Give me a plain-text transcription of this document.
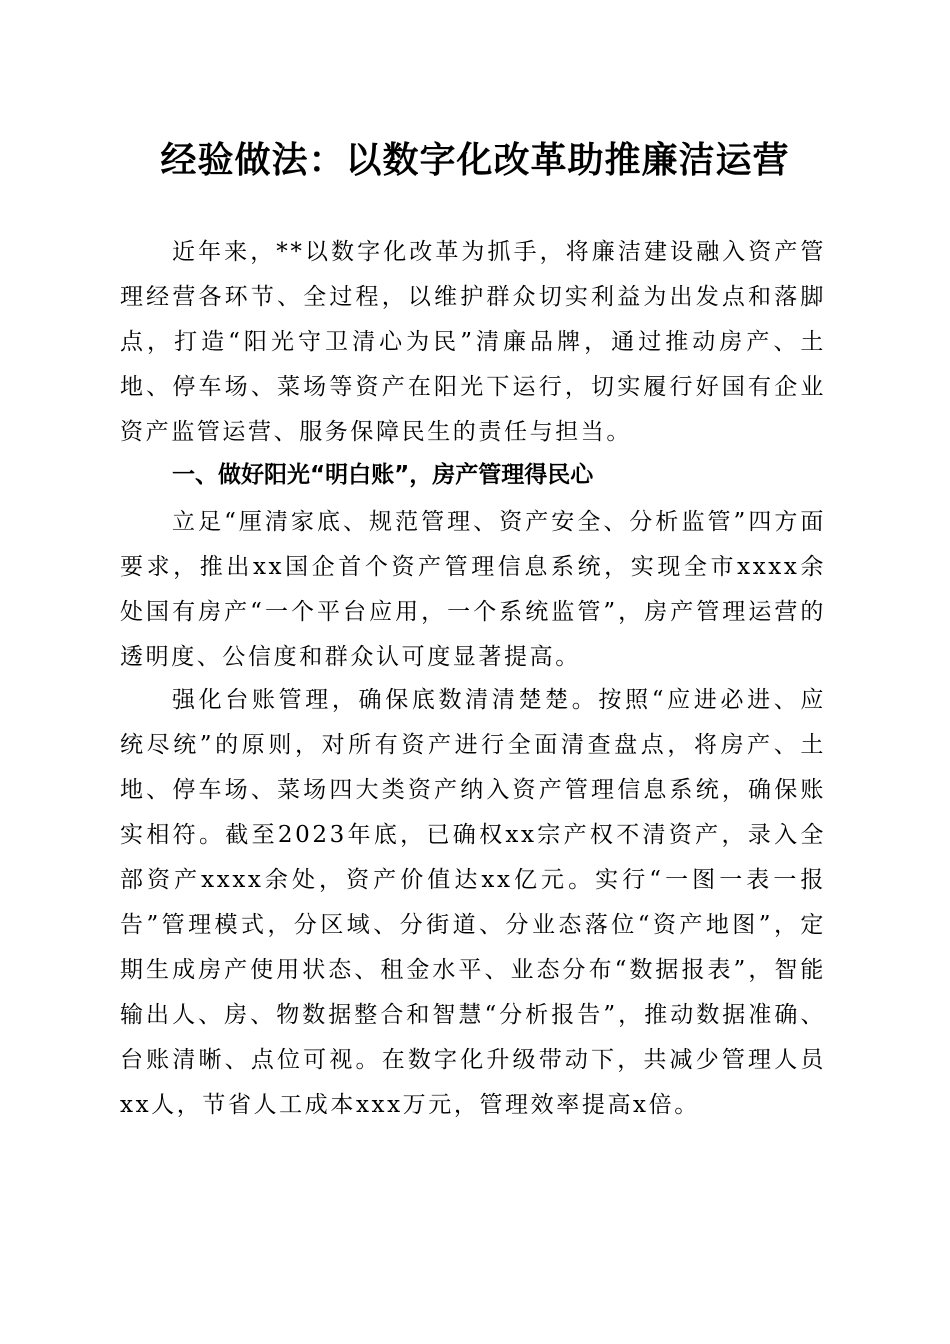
经验做法：以数字化改革助推廉洁运营

近年来，**以数字化改革为抓手，将廉洁建设融入资产管理经营各环节、全过程，以维护群众切实利益为出发点和落脚点，打造“阳光守卫清心为民”清廉品牌，通过推动房产、土地、停车场、菜场等资产在阳光下运行，切实履行好国有企业资产监管运营、服务保障民生的责任与担当。

一、做好阳光“明白账”，房产管理得民心

立足“厘清家底、规范管理、资产安全、分析监管”四方面要求，推出xx国企首个资产管理信息系统，实现全市xxxx余处国有房产“一个平台应用，一个系统监管”，房产管理运营的透明度、公信度和群众认可度显著提高。

强化台账管理，确保底数清清楚楚。按照“应进必进、应统尽统”的原则，对所有资产进行全面清查盘点，将房产、土地、停车场、菜场四大类资产纳入资产管理信息系统，确保账实相符。截至2023年底，已确权xx宗产权不清资产，录入全部资产xxxx余处，资产价值达xx亿元。实行“一图一表一报告”管理模式，分区域、分街道、分业态落位“资产地图”，定期生成房产使用状态、租金水平、业态分布“数据报表”，智能输出人、房、物数据整合和智慧“分析报告”，推动数据准确、台账清晰、点位可视。在数字化升级带动下，共减少管理人员xx人，节省人工成本xxx万元，管理效率提高x倍。
